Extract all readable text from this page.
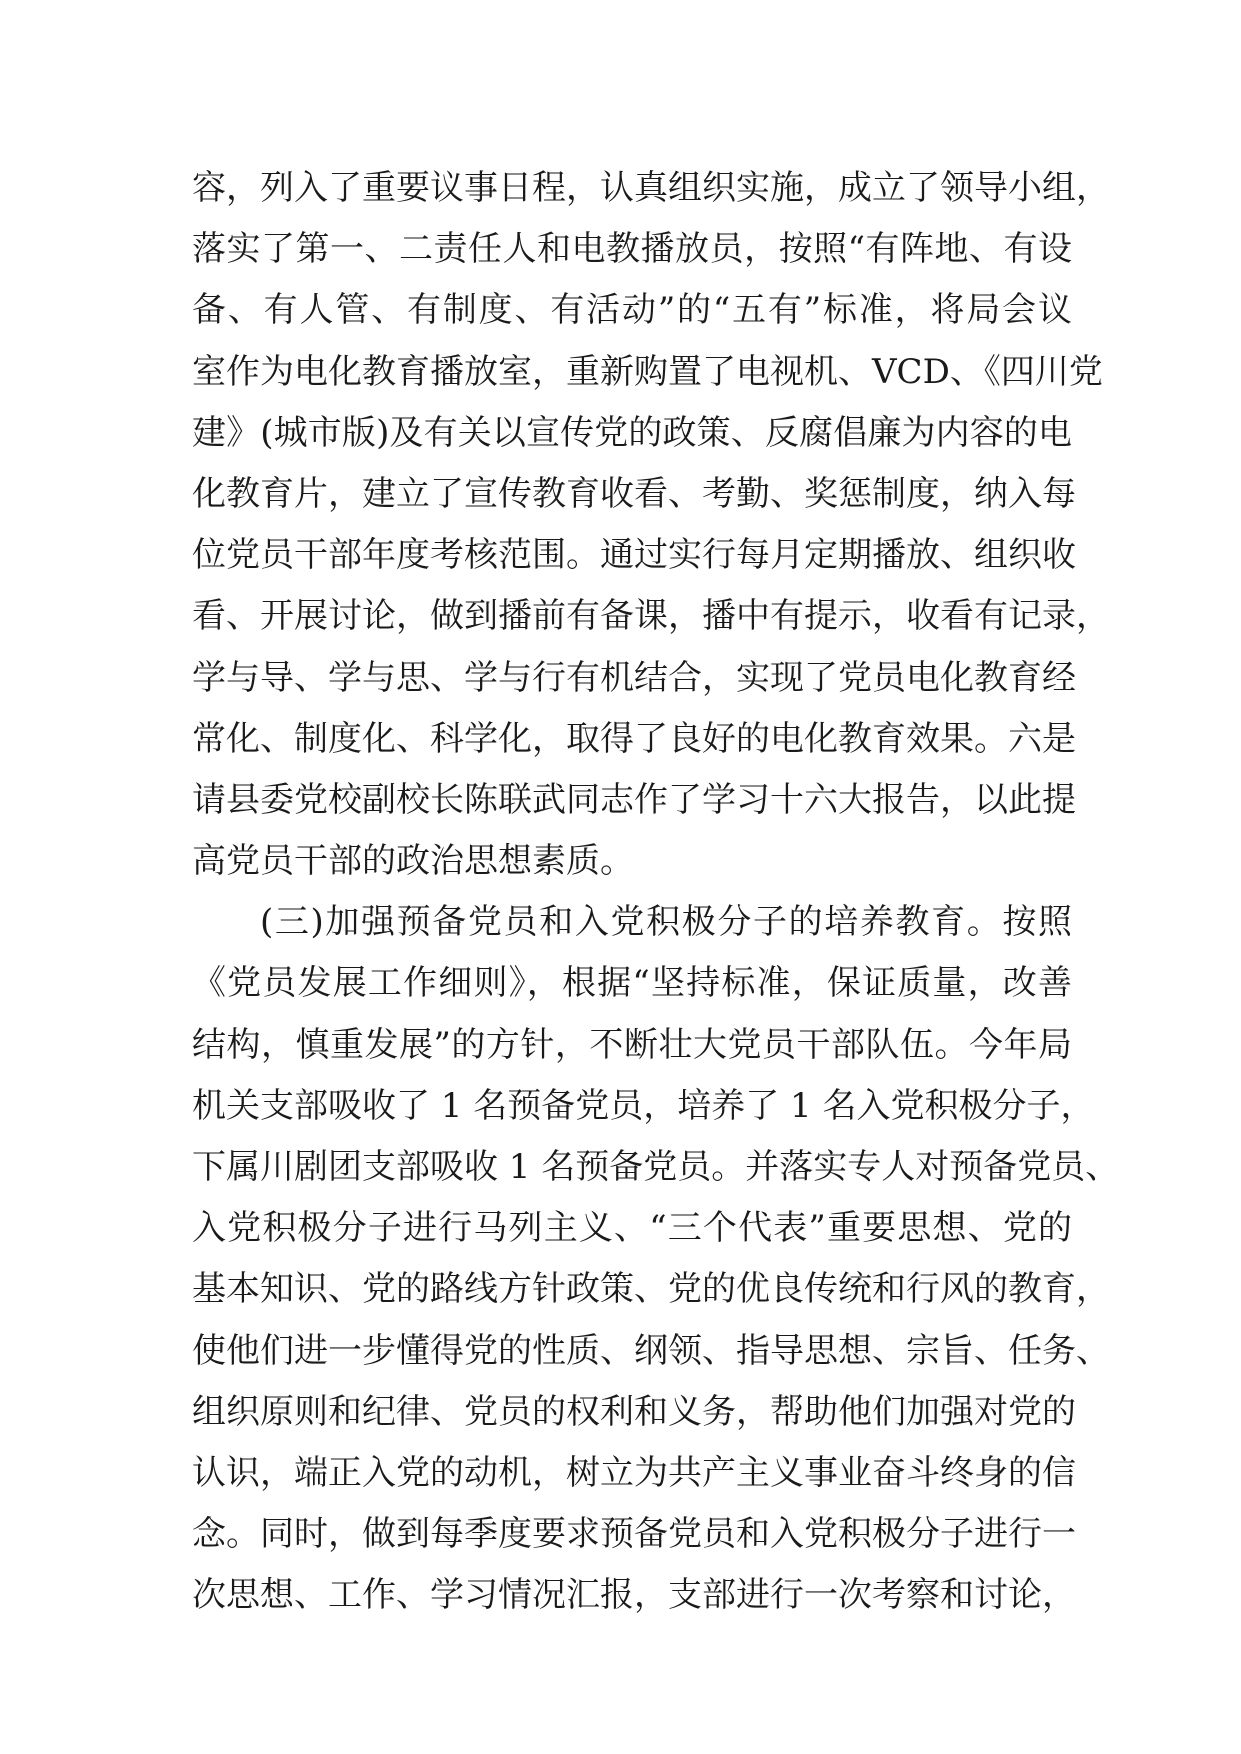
容，列入了重要议事日程，认真组织实施，成立了领导小组，
落实了第一、二责任人和电教播放员，按照“有阵地、有设
备、有人管、有制度、有活动”的“五有”标准，将局会议
室作为电化教育播放室，重新购置了电视机、VCD、《四川党
建》(城市版)及有关以宣传党的政策、反腐倡廉为内容的电
化教育片，建立了宣传教育收看、考勤、奖惩制度，纳入每
位党员干部年度考核范围。通过实行每月定期播放、组织收
看、开展讨论，做到播前有备课，播中有提示，收看有记录，
学与导、学与思、学与行有机结合，实现了党员电化教育经
常化、制度化、科学化，取得了良好的电化教育效果。六是
请县委党校副校长陈联武同志作了学习十六大报告，以此提
高党员干部的政治思想素质。
(三)加强预备党员和入党积极分子的培养教育。按照
《党员发展工作细则》，根据“坚持标准，保证质量，改善
结构，慎重发展”的方针，不断壮大党员干部队伍。今年局
机关支部吸收了 1 名预备党员，培养了 1 名入党积极分子，
下属川剧团支部吸收 1 名预备党员。并落实专人对预备党员、
入党积极分子进行马列主义、“三个代表”重要思想、党的
基本知识、党的路线方针政策、党的优良传统和行风的教育，
使他们进一步懂得党的性质、纲领、指导思想、宗旨、任务、
组织原则和纪律、党员的权利和义务，帮助他们加强对党的
认识，端正入党的动机，树立为共产主义事业奋斗终身的信
念。同时，做到每季度要求预备党员和入党积极分子进行一
次思想、工作、学习情况汇报，支部进行一次考察和讨论，
